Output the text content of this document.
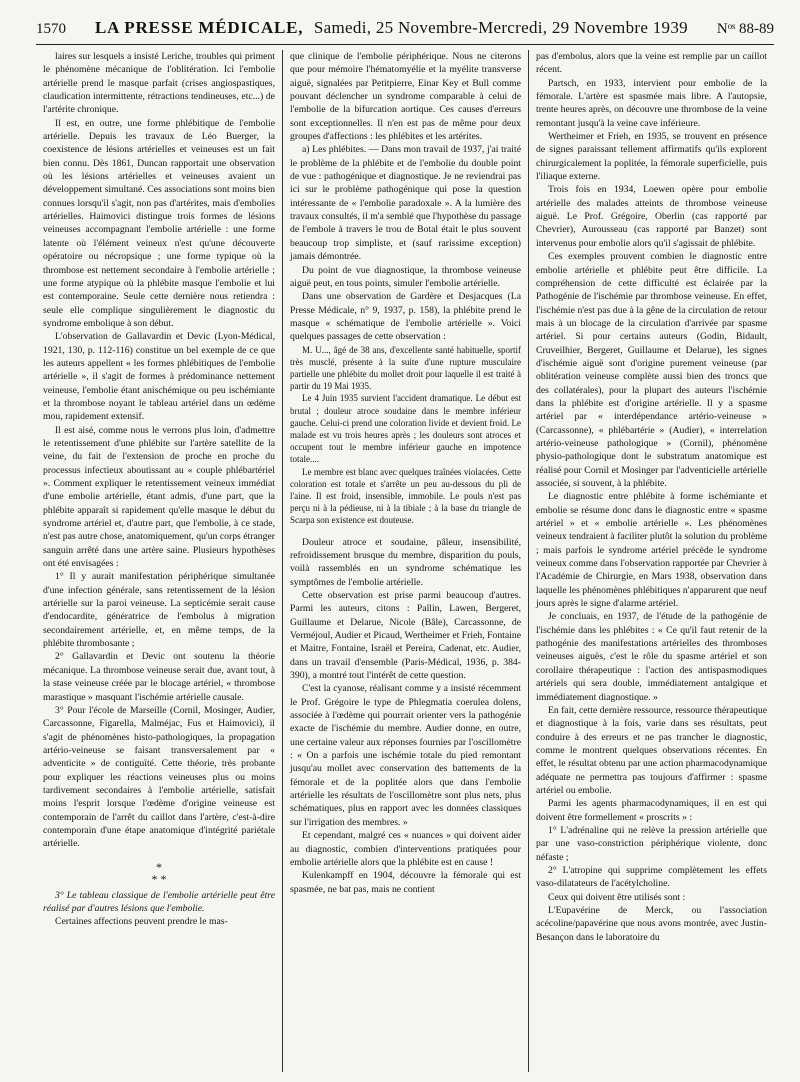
1570 LA PRESSE MÉDICALE, Samedi, 25 Novembre-Mercredi, 29 Novembre 1939 Nᵒˢ 88-89

laires sur lesquels a insisté Leriche, troubles qui priment le phénomène mécanique de l'oblitération. Ici l'embolie artérielle prend le masque parfait (crises angiospastiques, claudication intermittente, rétractions tendineuses, etc...) de l'artérite chronique.

Il est, en outre, une forme phlébitique de l'embolie artérielle. Depuis les travaux de Léo Buerger, la coexistence de lésions artérielles et veineuses est un fait bien connu. Dès 1861, Duncan rapportait une observation où les lésions artérielles et veineuses avaient un développement simultané. Ces associations sont moins bien connues lorsqu'il s'agit, non pas d'artérites, mais d'embolies artérielles. Haimovici distingue trois formes de lésions veineuses accompagnant l'embolie artérielle : une forme latente où l'élément veineux n'est qu'une découverte opératoire ou nécropsique ; une forme typique où la thrombose est nettement secondaire à l'embolie artérielle ; une forme atypique où la phlébite masque l'embolie et lui est contemporaine. Seule cette dernière nous retiendra : seule elle complique singulièrement le diagnostic du syndrome embolique à son début.

L'observation de Gallavardin et Devic (Lyon-Médical, 1921, 130, p. 112-116) constitue un bel exemple de ce que les auteurs appellent « les formes phlébitiques de l'embolie artérielle », il s'agit de formes à prédominance nettement veineuse, l'embolie étant anischémique ou peu ischémiante et la thrombose noyant le tableau artériel dans un œdème mou, rapidement extensif.

Il est aisé, comme nous le verrons plus loin, d'admettre le retentissement d'une phlébite sur l'artère satellite de la veine, du fait de l'extension de proche en proche du processus infectieux aboutissant au « couple phlébartériel ». Comment expliquer le retentissement veineux immédiat d'une embolie artérielle, étant admis, d'une part, que la phlébite apparaît si rapidement qu'elle masque le début du syndrome artériel et, d'autre part, que l'embolie, à ce stade, n'est pas autre chose, anatomiquement, qu'un corps étranger sanguin arrêté dans une artère saine. Plusieurs hypothèses ont été envisagées :

1° Il y aurait manifestation périphérique simultanée d'une infection générale, sans retentissement de la lésion artérielle sur la paroi veineuse. La septicémie serait cause d'endocardite, génératrice de l'embolus à migration secondairement artérielle, et, en même temps, de la phlébite thrombosante ;

2° Gallavardin et Devic ont soutenu la théorie mécanique. La thrombose veineuse serait due, avant tout, à la stase veineuse créée par le blocage artériel, « thrombose marastique » masquant l'ischémie artérielle causale.

3° Pour l'école de Marseille (Cornil, Mosinger, Audier, Carcassonne, Figarella, Malméjac, Fus et Haimovici), il s'agit de phénomènes histo-pathologiques, la propagation artério-veineuse se faisant transversalement par « adventicite » de contiguïté. Cette théorie, très probante pour expliquer les réactions veineuses plus ou moins tardivement secondaires à l'embolie artérielle, satisfait moins l'esprit lorsque l'œdème d'origine veineuse est contemporain de l'arrêt du caillot dans l'artère, c'est-à-dire contemporain d'une étape anatomique d'intégrité pariétale artérielle.

*
* *

3° Le tableau classique de l'embolie artérielle peut être réalisé par d'autres lésions que l'embolie.

Certaines affections peuvent prendre le mas-

que clinique de l'embolie périphérique. Nous ne citerons que pour mémoire l'hématomyélie et la myélite transverse aiguë, signalées par Petitpierre, Einar Key et Bull comme pouvant déclencher un syndrome comparable à celui de l'embolie de la bifurcation aortique. Ces causes d'erreurs sont exceptionnelles. Il n'en est pas de même pour deux groupes d'affections : les phlébites et les artérites.

a) Les phlébites. — Dans mon travail de 1937, j'ai traité le problème de la phlébite et de l'embolie du double point de vue : pathogénique et diagnostique. Je ne reviendrai pas ici sur le problème pathogénique qui pose la question intéressante de « l'embolie paradoxale ». A la lumière des travaux consultés, il m'a semblé que l'hypothèse du passage de l'embole à travers le trou de Botal était le plus souvent beaucoup trop simpliste, et (sauf rarissime exception) jamais démontrée.

Du point de vue diagnostique, la thrombose veineuse aiguë peut, en tous points, simuler l'embolie artérielle.

Dans une observation de Gardère et Desjacques (La Presse Médicale, n° 9, 1937, p. 158), la phlébite prend le masque « schématique de l'embolie artérielle ». Voici quelques passages de cette observation :

M. U..., âgé de 38 ans, d'excellente santé habituelle, sportif très musclé, présente à la suite d'une rupture musculaire partielle une phlébite du mollet droit pour laquelle il est traité à partir du 19 Mai 1935.

Le 4 Juin 1935 survient l'accident dramatique. Le début est brutal ; douleur atroce soudaine dans le membre inférieur gauche. Celui-ci prend une coloration livide et devient froid. Le malade est vu trois heures après ; les douleurs sont atroces et occupent tout le membre inférieur gauche en impotence totale....

Le membre est blanc avec quelques traînées violacées. Cette coloration est totale et s'arrête un peu au-dessous du pli de l'aine. Il est froid, insensible, immobile. Le pouls n'est pas perçu ni à la pédieuse, ni à la tibiale ; à la base du triangle de Scarpa son existence est douteuse.

Douleur atroce et soudaine, pâleur, insensibilité, refroidissement brusque du membre, disparition du pouls, voilà rassemblés en un syndrome schématique les symptômes de l'embolie artérielle.

Cette observation est prise parmi beaucoup d'autres. Parmi les auteurs, citons : Pallin, Lawen, Bergeret, Guillaume et Delarue, Nicole (Bâle), Carcassonne, de Verméjoul, Audier et Picaud, Wertheimer et Frieh, Fontaine et Maitre, Fontaine, Israël et Pereira, Cadenat, etc. Audier, dans un travail d'ensemble (Paris-Médical, 1936, p. 384-390), a montré tout l'intérêt de cette question.

C'est la cyanose, réalisant comme y a insisté récemment le Prof. Grégoire le type de Phlegmatia coerulea dolens, associée à l'œdème qui pourrait orienter vers la pathogénie exacte de l'ischémie du membre. Audier donne, en outre, une certaine valeur aux réponses fournies par l'oscillomètre : « On a parfois une ischémie totale du pied remontant jusqu'au mollet avec conservation des battements de la fémorale et de la poplitée alors que dans l'embolie artérielle les résultats de l'oscillomètre sont plus nets, plus schématiques, plus en rapport avec les données classiques sur l'irrigation des membres. »

Et cependant, malgré ces « nuances » qui doivent aider au diagnostic, combien d'interventions pratiquées pour embolie artérielle alors que la phlébite est en cause !

Kulenkampff en 1904, découvre la fémorale qui est spasmée, ne bat pas, mais ne contient

pas d'embolus, alors que la veine est remplie par un caillot récent.

Partsch, en 1933, intervient pour embolie de la fémorale. L'artère est spasmée mais libre. A l'autopsie, trente heures après, on découvre une thrombose de la veine remontant jusqu'à la veine cave inférieure.

Wertheimer et Frieh, en 1935, se trouvent en présence de signes paraissant tellement affirmatifs qu'ils explorent chirurgicalement la poplitée, la fémorale superficielle, puis l'iliaque externe.

Trois fois en 1934, Loewen opère pour embolie artérielle des malades atteints de thrombose veineuse aiguë. Le Prof. Grégoire, Oberlin (cas rapporté par Chevrier), Aurousseau (cas rapporté par Banzet) sont intervenus pour embolie alors qu'il s'agissait de phlébite.

Ces exemples prouvent combien le diagnostic entre embolie artérielle et phlébite peut être difficile. La compréhension de cette difficulté est éclairée par la Pathogénie de l'ischémie par thrombose veineuse. En effet, l'ischémie n'est pas due à la gêne de la circulation de retour mais à un blocage de la circulation d'arrivée par spasme artériel. Si pour certains auteurs (Godin, Bidault, Cruveilhier, Bergeret, Guillaume et Delarue), les signes d'ischémie aiguë sont d'origine purement veineuse (par oblitération veineuse complète aussi bien des troncs que des collatérales), pour la plupart des auteurs l'ischémie dans la phlébite est d'origine artérielle. Il y a spasme artériel par « interdépendance artério-veineuse » (Carcassonne), « phlébartérie » (Audier), « interrelation artério-veineuse pathologique » (Cornil), phénomène physio-pathologique dont le substratum anatomique est réalisé pour Cornil et Mosinger par l'adventicielle artérielle associée, si souvent, à la phlébite.

Le diagnostic entre phlébite à forme ischémiante et embolie se résume donc dans le diagnostic entre « spasme artériel » et « embolie artérielle ». Les phénomènes veineux tendraient à faciliter plutôt la solution du problème ; mais parfois le syndrome artériel précède le syndrome veineux comme dans l'observation rapportée par Chevrier à l'Académie de Chirurgie, en Mars 1938, observation dans laquelle les phénomènes phlébitiques n'apparurent que neuf jours après le signe d'alarme artériel.

Je concluais, en 1937, de l'étude de la pathogénie de l'ischémie dans les phlébites : « Ce qu'il faut retenir de la pathogénie des manifestations artérielles des thromboses veineuses aiguës, c'est le rôle du spasme artériel et son corollaire thérapeutique : l'action des antispasmodiques artériels qui sera double, immédiatement antalgique et immédiatement diagnostique. »

En fait, cette dernière ressource, ressource thérapeutique et diagnostique à la fois, varie dans ses résultats, peut conduire à des erreurs et ne pas trancher le diagnostic, comme le montrent quelques observations récentes. En effet, le résultat obtenu par une action pharmacodynamique adéquate ne permettra pas toujours d'affirmer : spasme artériel ou embolie.

Parmi les agents pharmacodynamiques, il en est qui doivent être formellement « proscrits » :

1° L'adrénaline qui ne relève la pression artérielle que par une vaso-constriction périphérique violente, donc néfaste ;

2° L'atropine qui supprime complètement les effets vaso-dilatateurs de l'acétylcholine.

Ceux qui doivent être utilisés sont :

L'Eupavérine de Merck, ou l'association acécoline/papavérine que nous avons montrée, avec Justin-Besançon dans le laboratoire du
